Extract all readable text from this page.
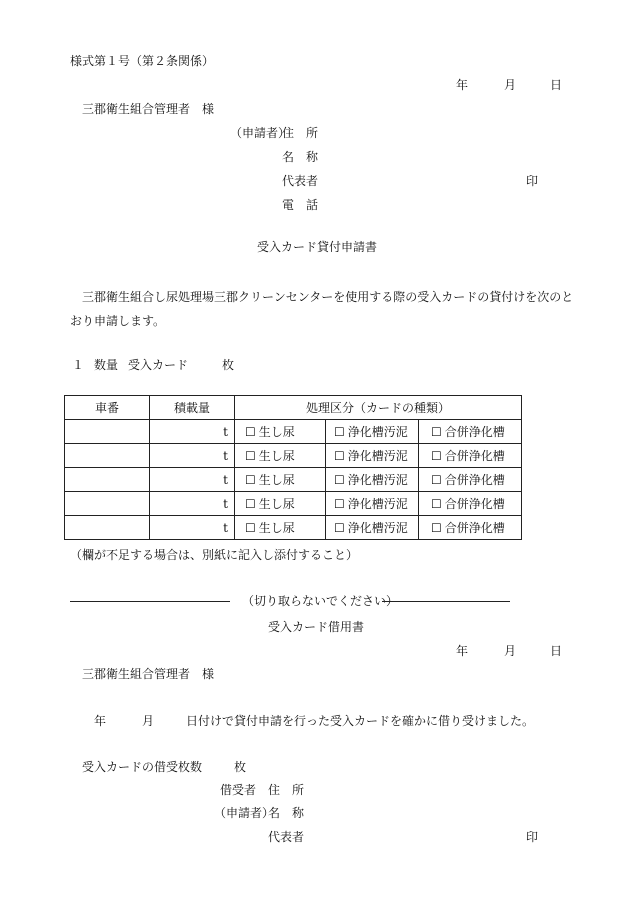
様式第１号（第２条関係）
年	月	日
三郡衛生組合管理者　様
（申請者）
住　所
名　称
代表者	印
電　話
受入カード貸付申請書
三郡衛生組合し尿処理場三郡クリーンセンターを使用する際の受入カードの貸付けを次のと
おり申請します。
１ 数量 受入カード	枚
車番	積載量	処理区分（カードの種類）		
	t	☐ 生し尿	☐ 浄化槽汚泥	☐ 合併浄化槽
	t	☐ 生し尿	☐ 浄化槽汚泥	☐ 合併浄化槽
	t	☐ 生し尿	☐ 浄化槽汚泥	☐ 合併浄化槽
	t	☐ 生し尿	☐ 浄化槽汚泥	☐ 合併浄化槽
	t	☐ 生し尿	☐ 浄化槽汚泥	☐ 合併浄化槽
（欄が不足する場合は、別紙に記入し添付すること）
（切り取らないでください）
受入カード借用書
年	月	日
三郡衛生組合管理者　様
年	月	日付けで貸付申請を行った受入カードを確かに借り受けました。
受入カードの借受枚数	枚
借受者 住　所
（申請者）
名　称
代表者	印
